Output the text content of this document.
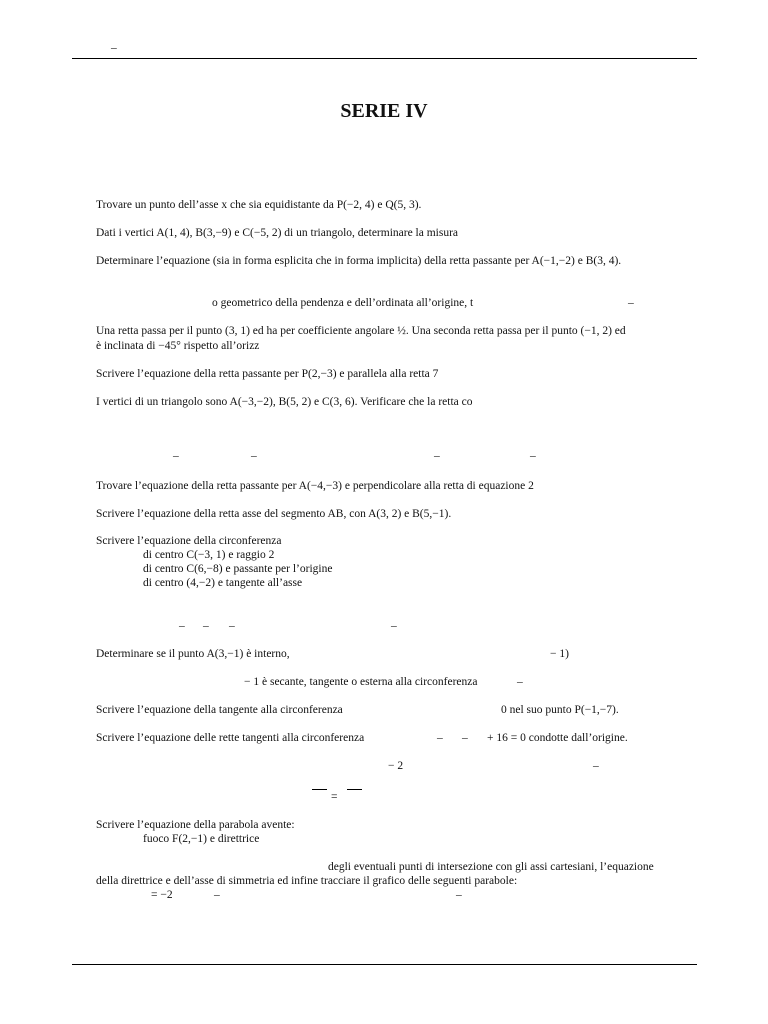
–
SERIE IV
Trovare un punto dell’asse x che sia equidistante da P(−2, 4) e Q(5, 3).
Dati i vertici A(1, 4), B(3,−9) e C(−5, 2) di un triangolo, determinare la misura
Determinare l’equazione (sia in forma esplicita che in forma implicita) della retta passante per A(−1,−2) e B(3, 4).
o geometrico della pendenza e dell’ordinata all’origine, t	–
Una retta passa per il punto (3, 1) ed ha per coefficiente angolare ½. Una seconda retta passa per il punto (−1, 2) ed
è inclinata di −45° rispetto all’orizz
Scrivere l’equazione della retta passante per P(2,−3) e parallela alla retta 7
I vertici di un triangolo sono A(−3,−2), B(5, 2) e C(3, 6). Verificare che la retta co
–	–	–	–
Trovare l’equazione della retta passante per A(−4,−3) e perpendicolare alla retta di equazione 2
Scrivere l’equazione della retta asse del segmento AB, con A(3, 2) e B(5,−1).
Scrivere l’equazione della circonferenza
di centro C(−3, 1) e raggio 2
di centro C(6,−8) e passante per l’origine
di centro (4,−2) e tangente all’asse
– – –	–
Determinare se il punto A(3,−1) è interno,	− 1)
− 1 è secante, tangente o esterna alla circonferenza	–
Scrivere l’equazione della tangente alla circonferenza	0 nel suo punto P(−1,−7).
Scrivere l’equazione delle rette tangenti alla circonferenza	– – + 16 = 0 condotte dall’origine.
− 2	–
=
Scrivere l’equazione della parabola avente:
fuoco F(2,−1) e direttrice
degli eventuali punti di intersezione con gli assi cartesiani, l’equazione
della direttrice e dell’asse di simmetria ed infine tracciare il grafico delle seguenti parabole:
= −2	–	–
